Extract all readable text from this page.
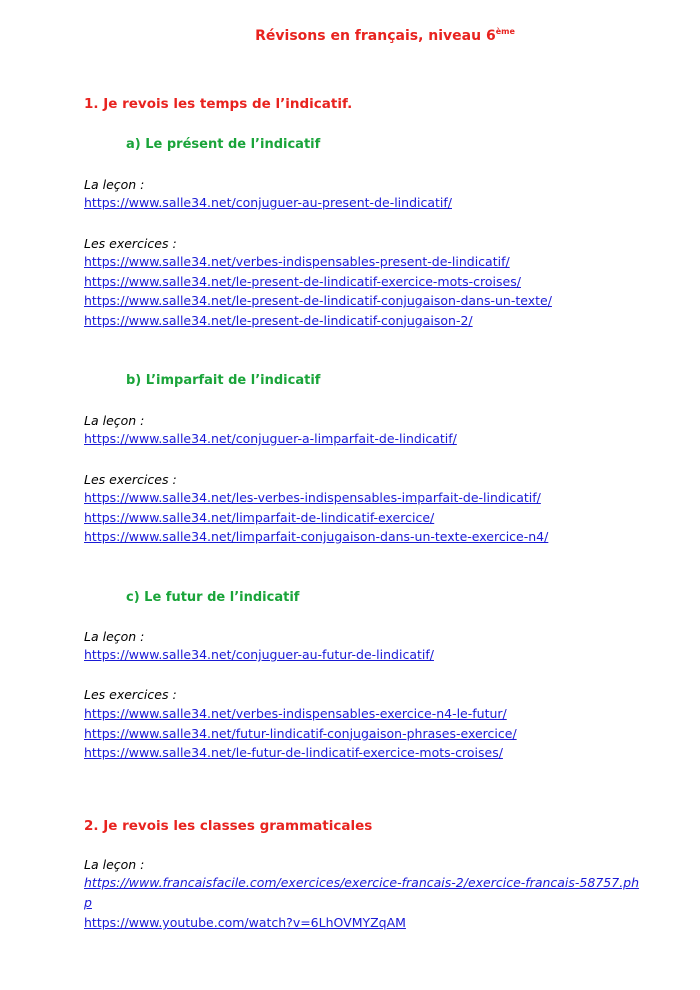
Révisons en français, niveau 6ème
1. Je revois les temps de l’indicatif.
a) Le présent de l’indicatif
La leçon :
https://www.salle34.net/conjuguer-au-present-de-lindicatif/
Les exercices :
https://www.salle34.net/verbes-indispensables-present-de-lindicatif/
https://www.salle34.net/le-present-de-lindicatif-exercice-mots-croises/
https://www.salle34.net/le-present-de-lindicatif-conjugaison-dans-un-texte/
https://www.salle34.net/le-present-de-lindicatif-conjugaison-2/
b) L’imparfait de l’indicatif
La leçon :
https://www.salle34.net/conjuguer-a-limparfait-de-lindicatif/
Les exercices :
https://www.salle34.net/les-verbes-indispensables-imparfait-de-lindicatif/
https://www.salle34.net/limparfait-de-lindicatif-exercice/
https://www.salle34.net/limparfait-conjugaison-dans-un-texte-exercice-n4/
c) Le futur de l’indicatif
La leçon :
https://www.salle34.net/conjuguer-au-futur-de-lindicatif/
Les exercices :
https://www.salle34.net/verbes-indispensables-exercice-n4-le-futur/
https://www.salle34.net/futur-lindicatif-conjugaison-phrases-exercice/
https://www.salle34.net/le-futur-de-lindicatif-exercice-mots-croises/
2. Je revois les classes grammaticales
La leçon :
https://www.francaisfacile.com/exercices/exercice-francais-2/exercice-francais-58757.php
https://www.youtube.com/watch?v=6LhOVMYZqAM
